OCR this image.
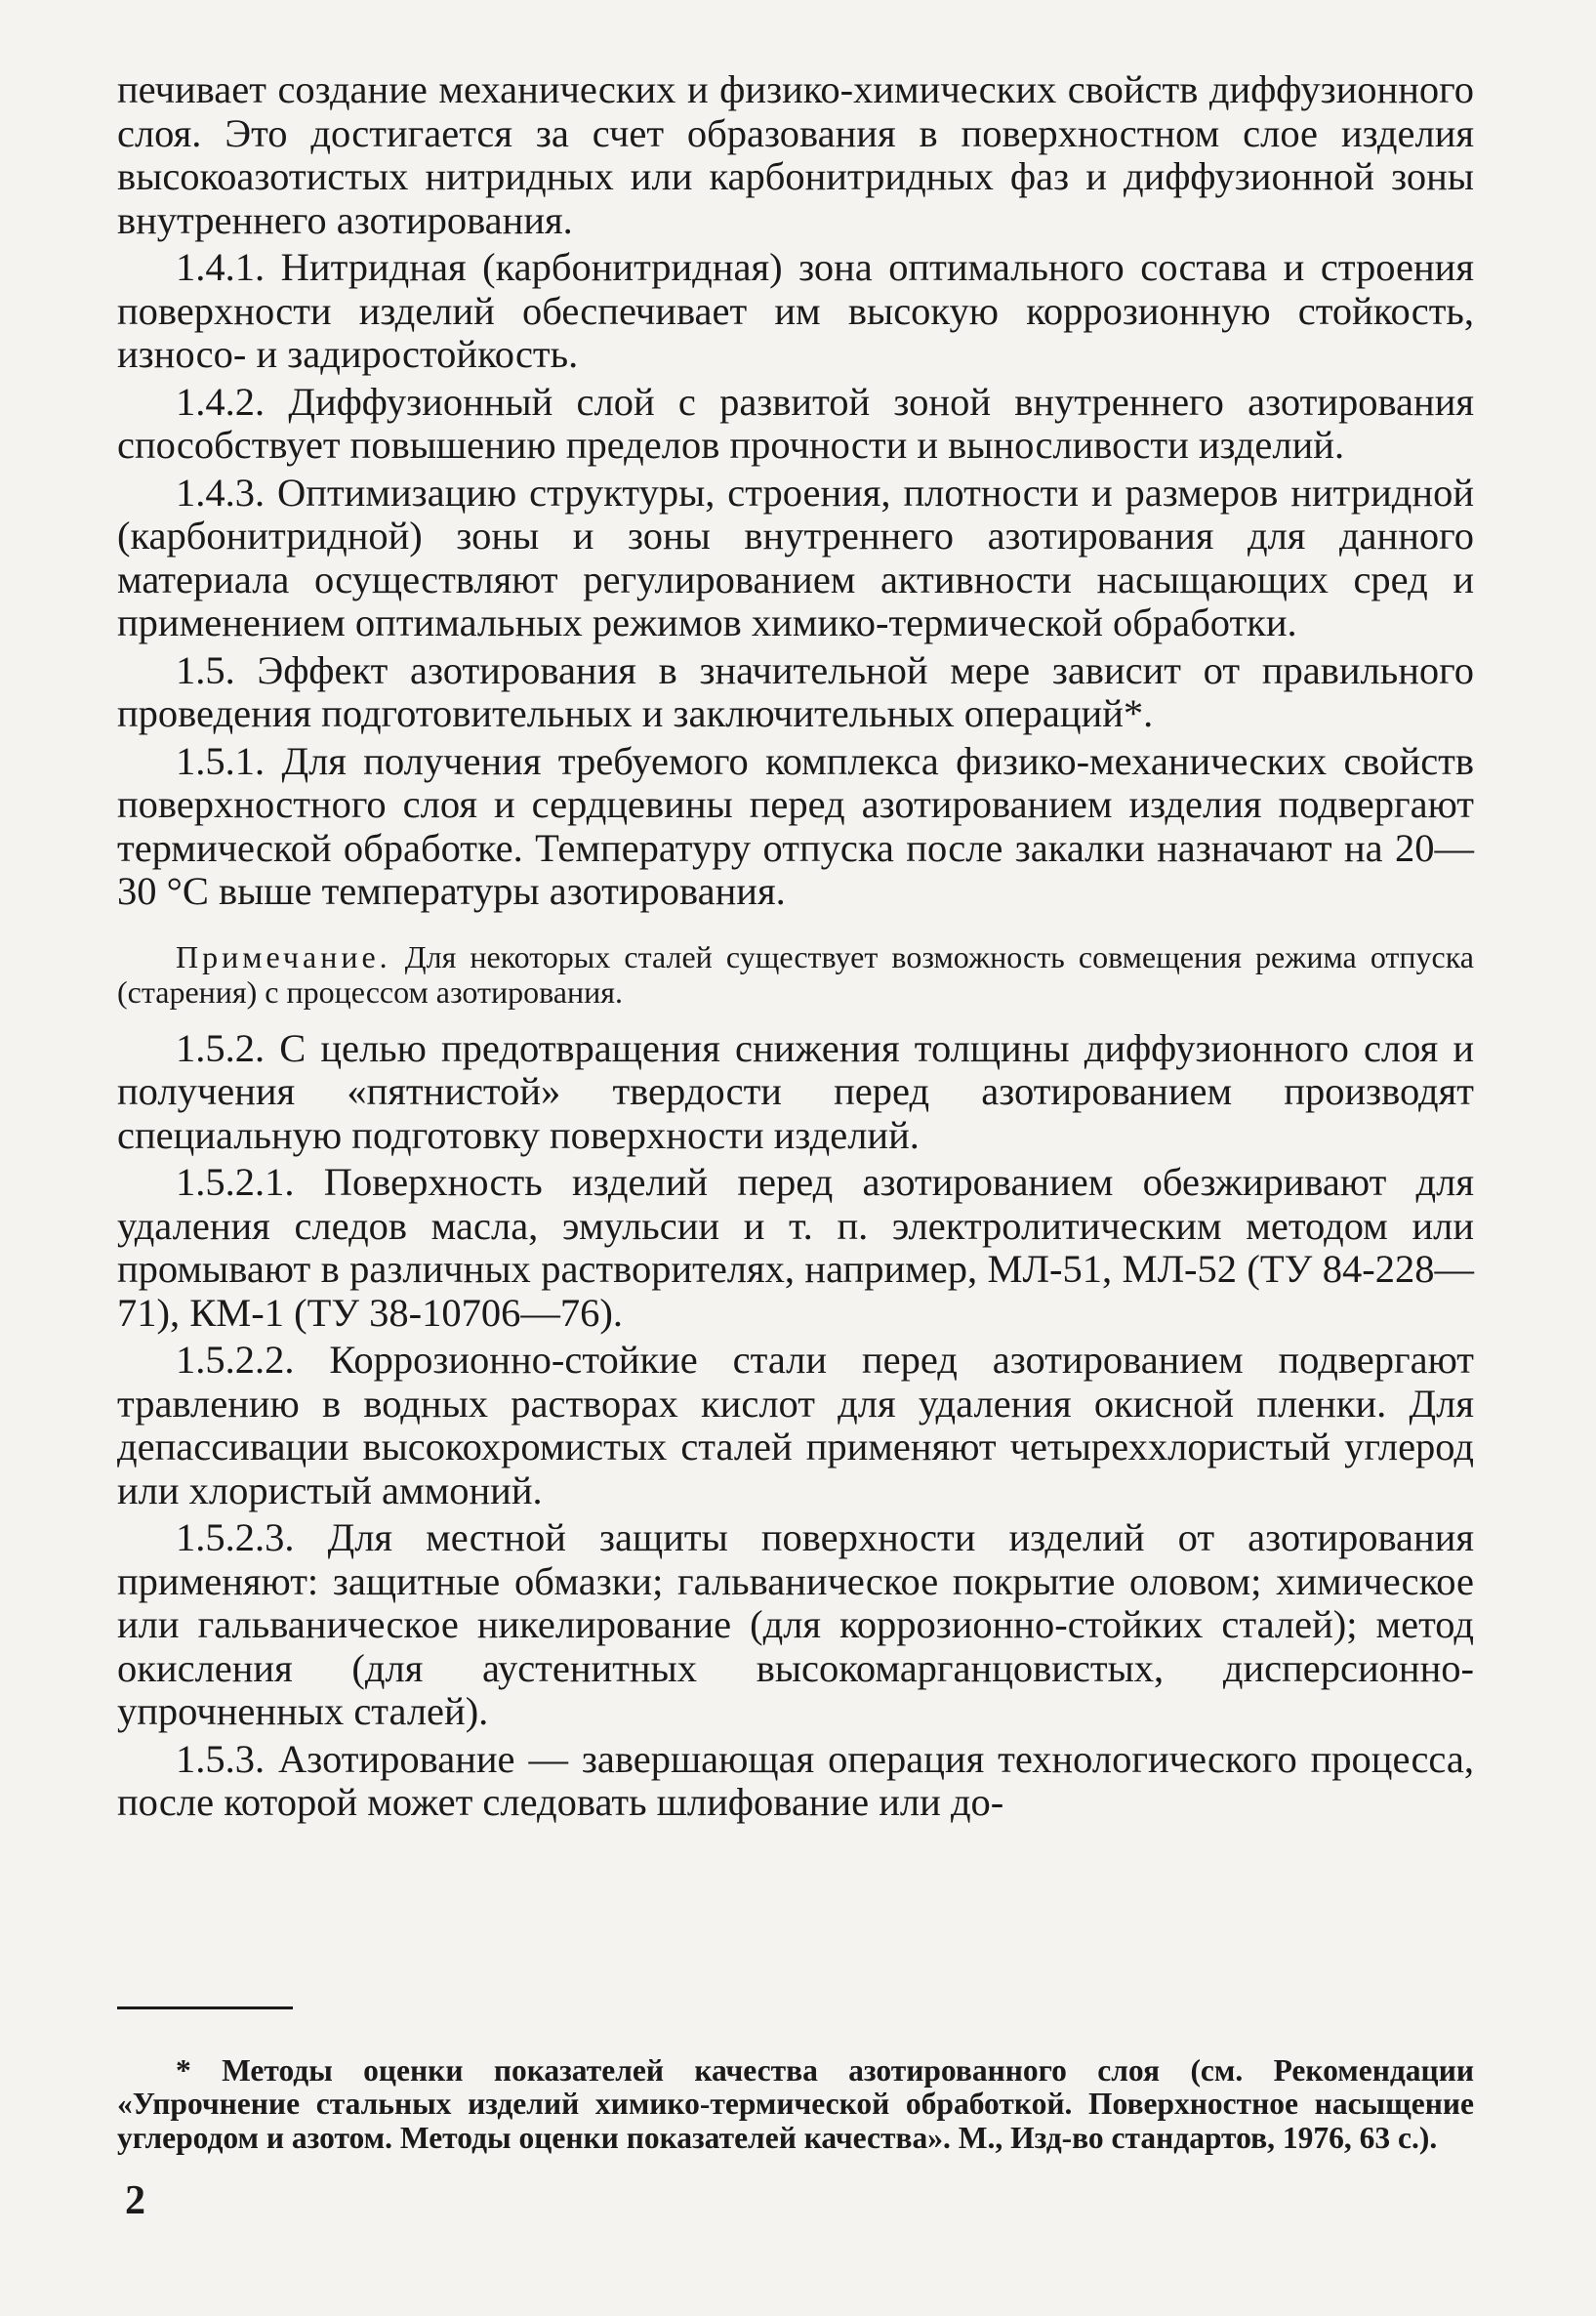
печивает создание механических и физико-химических свойств диффузионного слоя. Это достигается за счет образования в поверхностном слое изделия высокоазотистых нитридных или карбонитридных фаз и диффузионной зоны внутреннего азотирования.

1.4.1. Нитридная (карбонитридная) зона оптимального состава и строения поверхности изделий обеспечивает им высокую коррозионную стойкость, износо- и задиростойкость.

1.4.2. Диффузионный слой с развитой зоной внутреннего азотирования способствует повышению пределов прочности и выносливости изделий.

1.4.3. Оптимизацию структуры, строения, плотности и размеров нитридной (карбонитридной) зоны и зоны внутреннего азотирования для данного материала осуществляют регулированием активности насыщающих сред и применением оптимальных режимов химико-термической обработки.

1.5. Эффект азотирования в значительной мере зависит от правильного проведения подготовительных и заключительных операций*.

1.5.1. Для получения требуемого комплекса физико-механических свойств поверхностного слоя и сердцевины перед азотированием изделия подвергают термической обработке. Температуру отпуска после закалки назначают на 20—30 °С выше температуры азотирования.

Примечание. Для некоторых сталей существует возможность совмещения режима отпуска (старения) с процессом азотирования.

1.5.2. С целью предотвращения снижения толщины диффузионного слоя и получения «пятнистой» твердости перед азотированием производят специальную подготовку поверхности изделий.

1.5.2.1. Поверхность изделий перед азотированием обезжиривают для удаления следов масла, эмульсии и т. п. электролитическим методом или промывают в различных растворителях, например, МЛ-51, МЛ-52 (ТУ 84-228—71), КМ-1 (ТУ 38-10706—76).

1.5.2.2. Коррозионно-стойкие стали перед азотированием подвергают травлению в водных растворах кислот для удаления окисной пленки. Для депассивации высокохромистых сталей применяют четыреххлористый углерод или хлористый аммоний.

1.5.2.3. Для местной защиты поверхности изделий от азотирования применяют: защитные обмазки; гальваническое покрытие оловом; химическое или гальваническое никелирование (для коррозионно-стойких сталей); метод окисления (для аустенитных высокомарганцовистых, дисперсионно-упрочненных сталей).

1.5.3. Азотирование — завершающая операция технологического процесса, после которой может следовать шлифование или до-

* Методы оценки показателей качества азотированного слоя (см. Рекомендации «Упрочнение стальных изделий химико-термической обработкой. Поверхностное насыщение углеродом и азотом. Методы оценки показателей качества». М., Изд-во стандартов, 1976, 63 с.).

2
